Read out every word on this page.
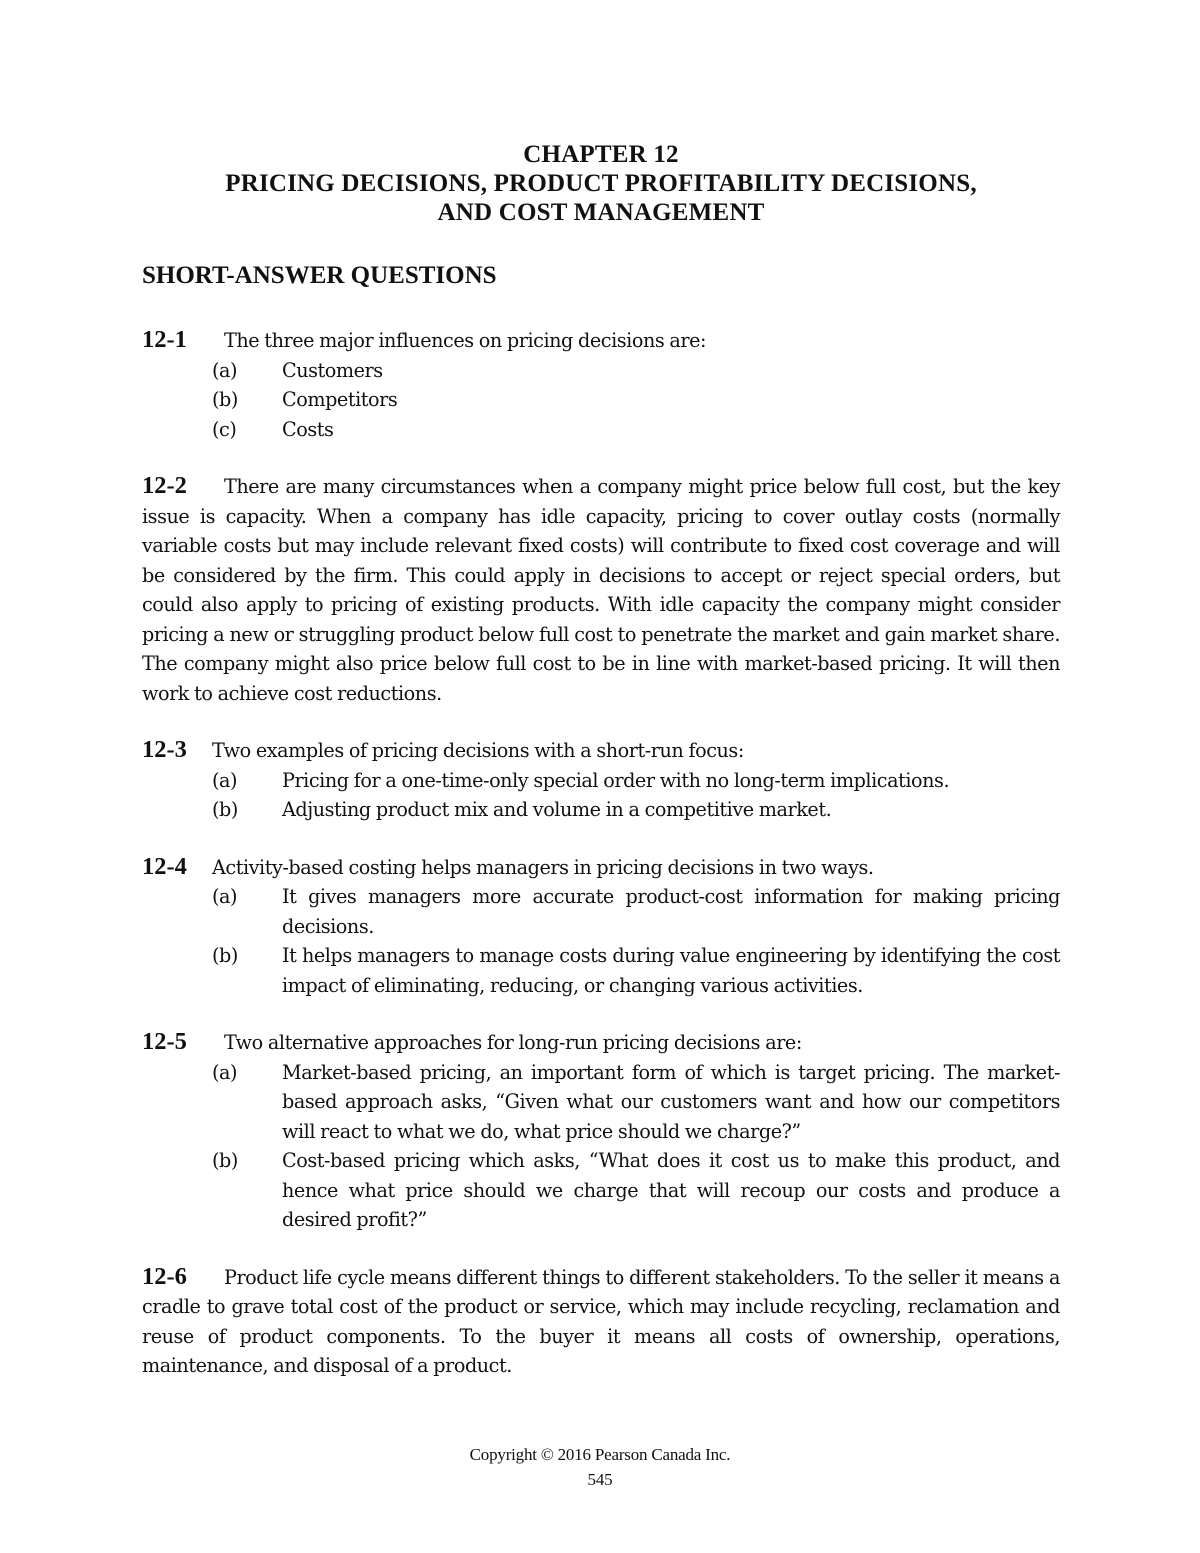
CHAPTER 12
PRICING DECISIONS, PRODUCT PROFITABILITY DECISIONS,
AND COST MANAGEMENT
SHORT-ANSWER QUESTIONS
12-1 The three major influences on pricing decisions are:
(a)	Customers
(b)	Competitors
(c)	Costs
12-2 There are many circumstances when a company might price below full cost, but the key issue is capacity. When a company has idle capacity, pricing to cover outlay costs (normally variable costs but may include relevant fixed costs) will contribute to fixed cost coverage and will be considered by the firm. This could apply in decisions to accept or reject special orders, but could also apply to pricing of existing products. With idle capacity the company might consider pricing a new or struggling product below full cost to penetrate the market and gain market share. The company might also price below full cost to be in line with market-based pricing. It will then work to achieve cost reductions.
12-3 Two examples of pricing decisions with a short-run focus:
(a)	Pricing for a one-time-only special order with no long-term implications.
(b)	Adjusting product mix and volume in a competitive market.
12-4 Activity-based costing helps managers in pricing decisions in two ways.
(a)	It gives managers more accurate product-cost information for making pricing decisions.
(b)	It helps managers to manage costs during value engineering by identifying the cost impact of eliminating, reducing, or changing various activities.
12-5 Two alternative approaches for long-run pricing decisions are:
(a)	Market-based pricing, an important form of which is target pricing. The market-based approach asks, “Given what our customers want and how our competitors will react to what we do, what price should we charge?”
(b)	Cost-based pricing which asks, “What does it cost us to make this product, and hence what price should we charge that will recoup our costs and produce a desired profit?”
12-6 Product life cycle means different things to different stakeholders. To the seller it means a cradle to grave total cost of the product or service, which may include recycling, reclamation and reuse of product components. To the buyer it means all costs of ownership, operations, maintenance, and disposal of a product.
Copyright © 2016 Pearson Canada Inc.
545
